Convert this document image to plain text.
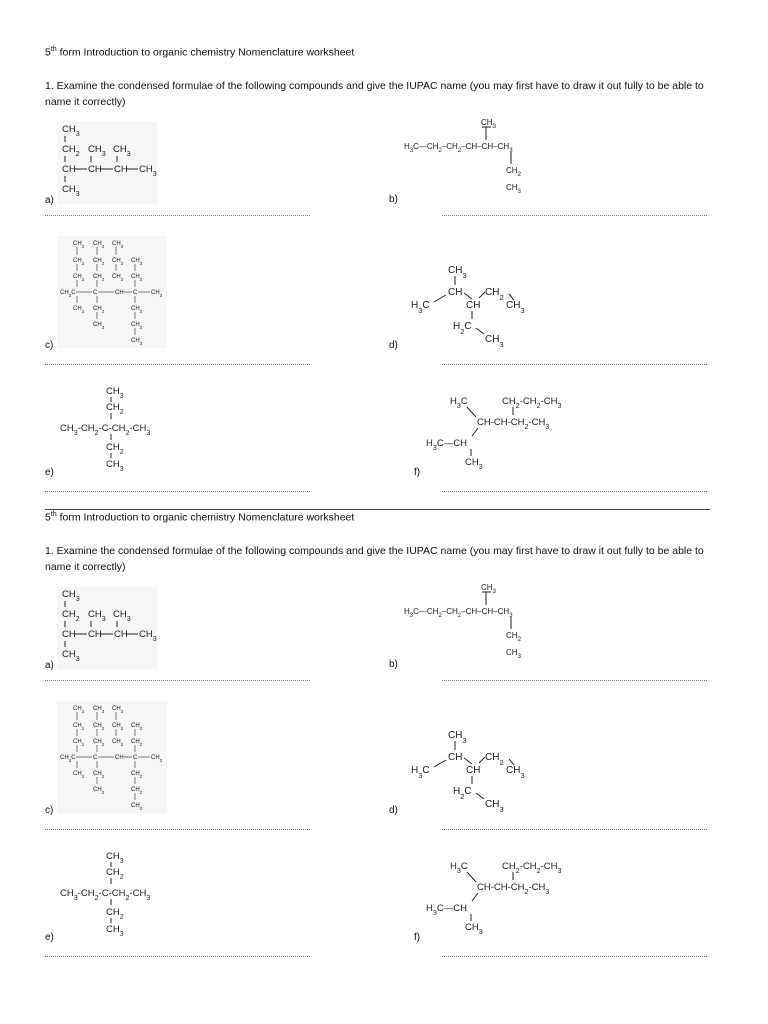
5th form Introduction to organic chemistry Nomenclature worksheet
1. Examine the condensed formulae of the following compounds and give the IUPAC name (you may first have to draw it out fully to be able to name it correctly)
$CH_3$
$CH_2$ $CH_3$ $CH_3$
CH CH CH $CH_3$
$CH_3$
a)
$CH_3$
$H_3C—CH_2-CH_2-CH-CH-CH_3$
$CH_2$
$CH_3$
b)
$CH_3$ $CH_3$ $CH_3$
$CH_2$ $CH_2$ $CH_2$ $CH_3$
$CH_2$ $CH_2$ $CH_2$ $CH_2$
$CH_3C$	C	CH C $CH_3$
$CH_3$ $CH_2$	$CH_2$
$CH_3$	$CH_2$
$CH_3$
c)
$CH_3$
CH $CH_2$
$H_3C$	CH	$CH_3$
$H_2C$
$CH_3$
d)
$CH_3$
$CH_2$
$CH_3-CH_2-C-CH_2-CH_3$
$CH_2$
$CH_3$
e)
$H_3C$	$CH_2-CH_2-CH_3$
$CH-CH-CH_2-CH_3$
$H_3C—CH$
$CH_3$
f)
5th form Introduction to organic chemistry Nomenclature worksheet
1. Examine the condensed formulae of the following compounds and give the IUPAC name (you may first have to draw it out fully to be able to name it correctly)
$CH_3$
$CH_2$ $CH_3$ $CH_3$
CH CH CH $CH_3$
$CH_3$
a)
$CH_3$
$H_3C—CH_2-CH_2-CH-CH-CH_3$
$CH_2$
$CH_3$
b)
$CH_3$ $CH_3$ $CH_3$
$CH_2$ $CH_2$ $CH_2$ $CH_3$
$CH_2$ $CH_2$ $CH_2$ $CH_2$
$CH_3C$	C	CH C $CH_3$
$CH_3$ $CH_2$	$CH_2$
$CH_3$	$CH_2$
$CH_3$
c)
$CH_3$
CH $CH_2$
$H_3C$	CH	$CH_3$
$H_2C$
$CH_3$
d)
$CH_3$
$CH_2$
$CH_3-CH_2-C-CH_2-CH_3$
$CH_2$
$CH_3$
e)
$H_3C$	$CH_2-CH_2-CH_3$
$CH-CH-CH_2-CH_3$
$H_3C—CH$
$CH_3$
f)
